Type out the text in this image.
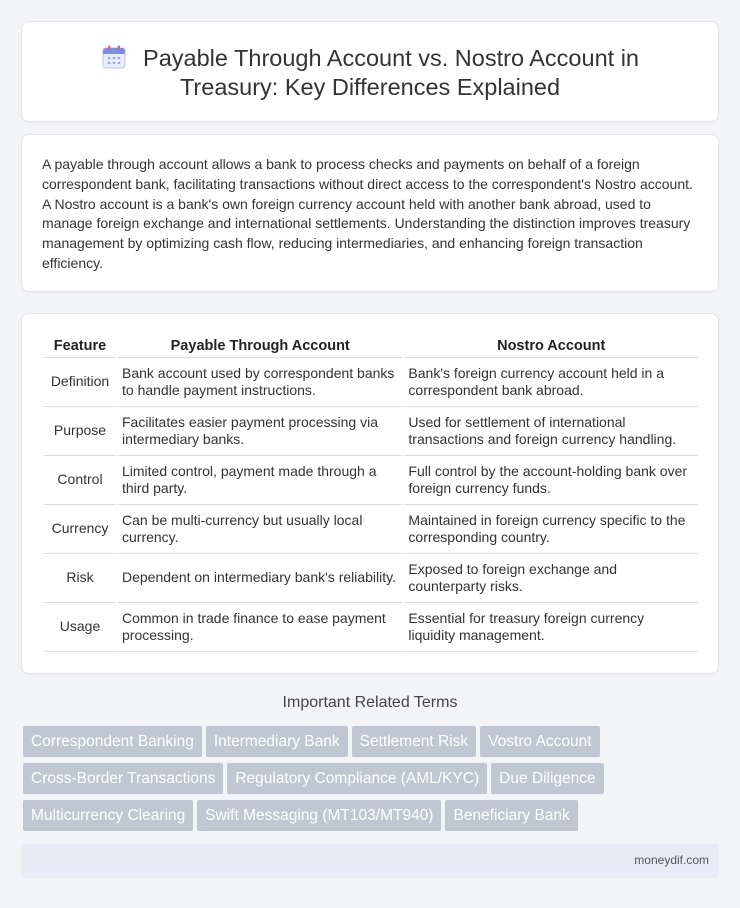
Payable Through Account vs. Nostro Account in
Treasury: Key Differences Explained

A payable through account allows a bank to process checks and payments on behalf of a foreign correspondent bank, facilitating transactions without direct access to the correspondent's Nostro account. A Nostro account is a bank's own foreign currency account held with another bank abroad, used to manage foreign exchange and international settlements. Understanding the distinction improves treasury management by optimizing cash flow, reducing intermediaries, and enhancing foreign transaction efficiency.

Feature	Payable Through Account	Nostro Account
Definition	Bank account used by correspondent banks to handle payment instructions.	Bank's foreign currency account held in a correspondent bank abroad.
Purpose	Facilitates easier payment processing via intermediary banks.	Used for settlement of international transactions and foreign currency handling.
Control	Limited control, payment made through a third party.	Full control by the account-holding bank over foreign currency funds.
Currency	Can be multi-currency but usually local currency.	Maintained in foreign currency specific to the corresponding country.
Risk	Dependent on intermediary bank's reliability.	Exposed to foreign exchange and counterparty risks.
Usage	Common in trade finance to ease payment processing.	Essential for treasury foreign currency liquidity management.
Important Related Terms
Correspondent Banking Intermediary Bank Settlement Risk Vostro Account
Cross-Border Transactions Regulatory Compliance (AML/KYC) Due Diligence
Multicurrency Clearing Swift Messaging (MT103/MT940) Beneficiary Bank
moneydif.com
